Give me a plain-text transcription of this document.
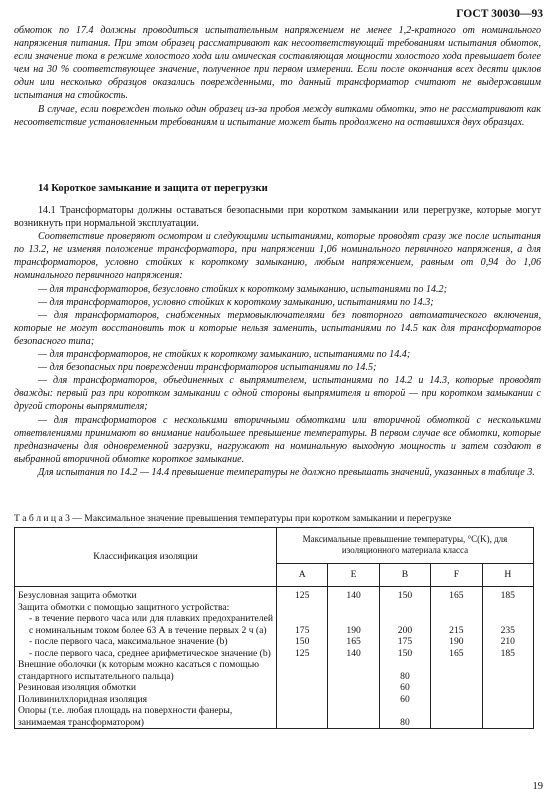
ГОСТ 30030—93

обмоток по 17.4 должны проводиться испытательным напряжением не менее 1,2-кратного от номинального напряжения питания. При этом образец рассматривают как несоответствующий требованиям испытания обмоток, если значение тока в режиме холостого хода или омическая составляющая мощности холостого хода превышает более чем на 30 % соответствующее значение, полученное при первом измерении. Если после окончания всех десяти циклов один или несколько образцов оказались поврежденными, то данный трансформатор считают не выдержавшим испытания на стойкость.

В случае, если поврежден только один образец из-за пробоя между витками обмотки, это не рассматривают как несоответствие установленным требованиям и испытание может быть продолжено на оставшихся двух образцах.

14 Короткое замыкание и защита от перегрузки

14.1 Трансформаторы должны оставаться безопасными при коротком замыкании или перегрузке, которые могут возникнуть при нормальной эксплуатации.

Соответствие проверяют осмотром и следующими испытаниями, которые проводят сразу же после испытания по 13.2, не изменяя положение трансформатора, при напряжении 1,06 номинального первичного напряжения, а для трансформаторов, условно стойких к короткому замыканию, любым напряжением, равным от 0,94 до 1,06 номинального первичного напряжения:

— для трансформаторов, безусловно стойких к короткому замыканию, испытаниями по 14.2;

— для трансформаторов, условно стойких к короткому замыканию, испытаниями по 14.3;

— для трансформаторов, снабженных термовыключателями без повторного автоматического включения, которые не могут восстановить ток и которые нельзя заменить, испытаниями по 14.5 как для трансформаторов безопасного типа;

— для трансформаторов, не стойких к короткому замыканию, испытаниями по 14.4;

— для безопасных при повреждении трансформаторов испытаниями по 14.5;

— для трансформаторов, объединенных с выпрямителем, испытаниями по 14.2 и 14.3, которые проводят дважды: первый раз при коротком замыкании с одной стороны выпрямителя и второй — при коротком замыкании с другой стороны выпрямителя;

— для трансформаторов с несколькими вторичными обмотками или вторичной обмоткой с несколькими ответвлениями принимают во внимание наибольшее превышение температуры. В первом случае все обмотки, которые предназначены для одновременной загрузки, нагружают на номинальную выходную мощность и затем создают в выбранной вторичной обмотке короткое замыкание.

Для испытания по 14.2 — 14.4 превышение температуры не должно превышать значений, указанных в таблице 3.

Т а б л и ц а 3 — Максимальное значение превышения температуры при коротком замыкании и перегрузке

Классификация изоляции	Максимальные превышение температуры, °С(K), для изоляционного материала класса				
	A	E	B	F	H
Безусловная защита обмотки	125	140	150	165	185
Защита обмотки с помощью защитного устройства:					
- в течение первого часа или для плавких предохранителей с номинальным током более 63 А в течение первых 2 ч (а)	175	190	200	215	235
- после первого часа, максимальное значение (b)	150	165	175	190	210
- после первого часа, среднее арифметическое значение (b)	125	140	150	165	185
Внешние оболочки (к которым можно касаться с помощью стандартного испытательного пальца)			80		
Резиновая изоляция обмотки			60		
Поливинилхлоридная изоляция			60		
Опоры (т.е. любая площадь на поверхности фанеры, занимаемая трансформатором)			80		

19
